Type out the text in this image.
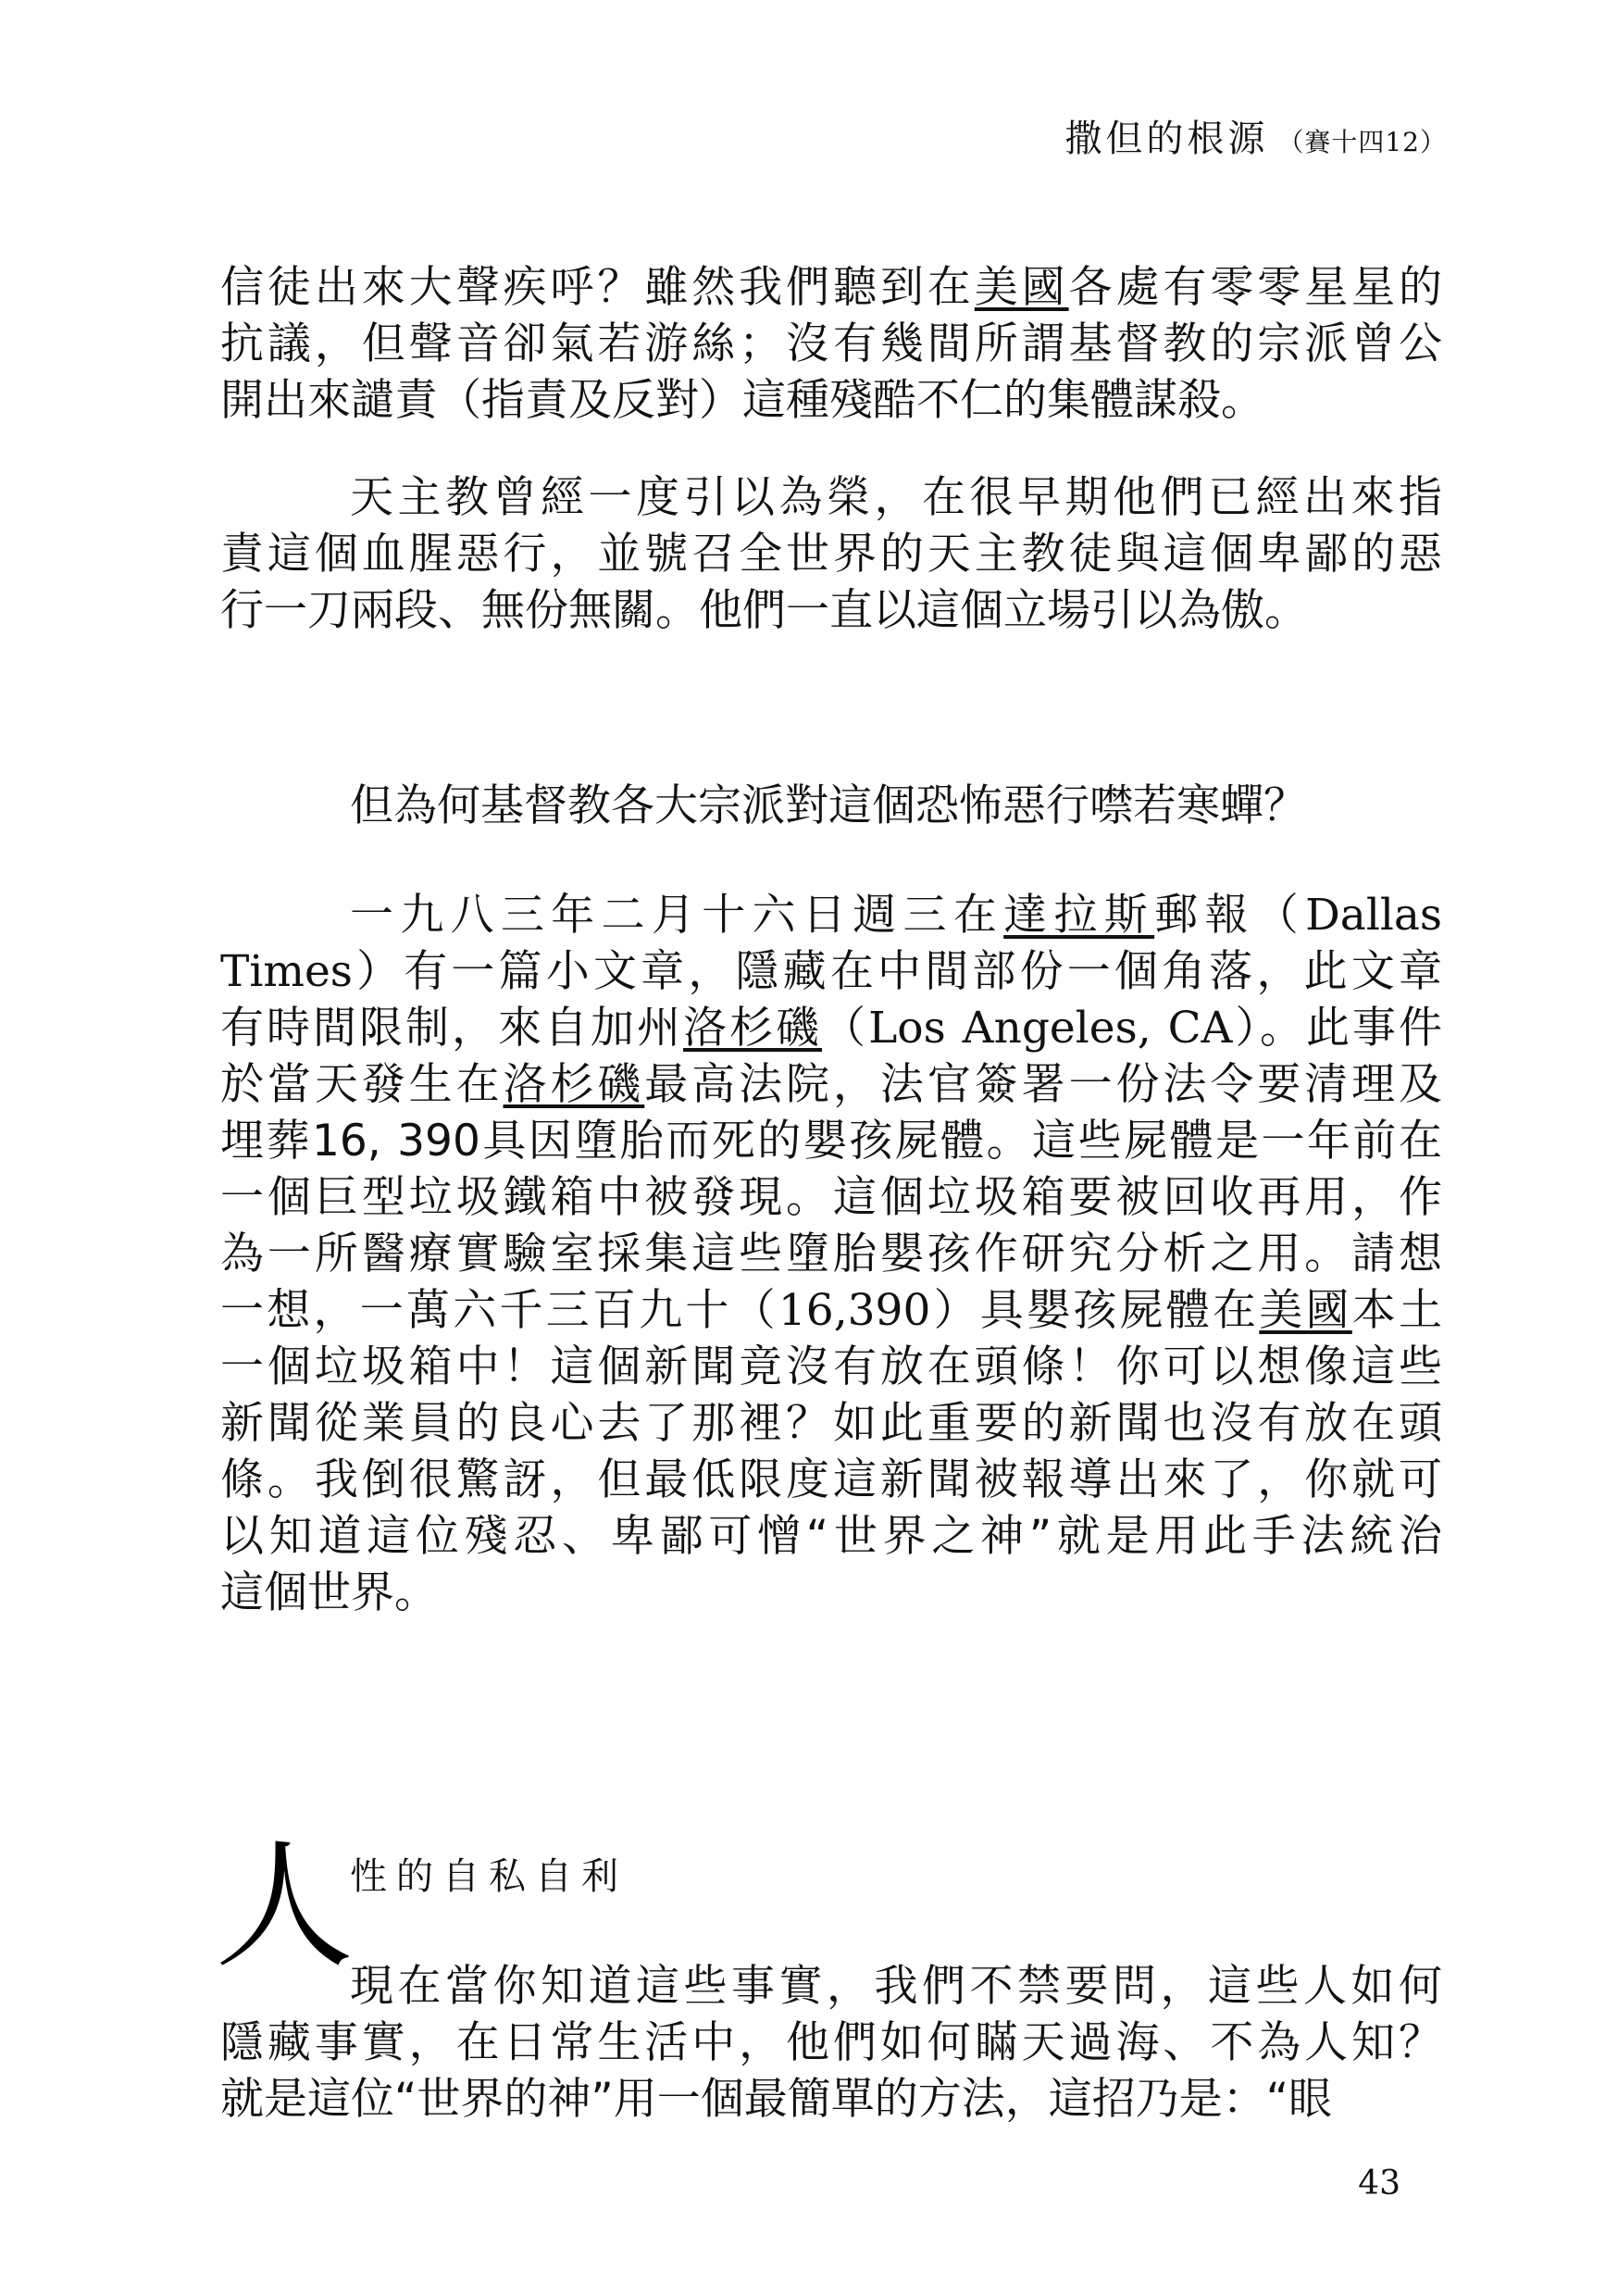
撒但的根源 （賽十四12）
信徒出來大聲疾呼？雖然我們聽到在美國各處有零零星星的
抗議，但聲音卻氣若游絲；沒有幾間所謂基督教的宗派曾公
開出來譴責（指責及反對）這種殘酷不仁的集體謀殺。
天主教曾經一度引以為榮，在很早期他們已經出來指
責這個血腥惡行，並號召全世界的天主教徒與這個卑鄙的惡
行一刀兩段、無份無關。他們一直以這個立場引以為傲。
但為何基督教各大宗派對這個恐怖惡行噤若寒蟬？
一九八三年二月十六日週三在達拉斯郵報（Dallas
Times）有一篇小文章，隱藏在中間部份一個角落，此文章
有時間限制，來自加州洛杉磯（Los Angeles, CA）。此事件
於當天發生在洛杉磯最高法院，法官簽署一份法令要清理及
埋葬16, 390具因墮胎而死的嬰孩屍體。這些屍體是一年前在
一個巨型垃圾鐵箱中被發現。這個垃圾箱要被回收再用，作
為一所醫療實驗室採集這些墮胎嬰孩作研究分析之用。請想
一想，一萬六千三百九十（16,390）具嬰孩屍體在美國本土
一個垃圾箱中！這個新聞竟沒有放在頭條！你可以想像這些
新聞從業員的良心去了那裡？如此重要的新聞也沒有放在頭
條。我倒很驚訝，但最低限度這新聞被報導出來了，你就可
以知道這位殘忍、卑鄙可憎“世界之神”就是用此手法統治
這個世界。
人
性的自私自利
現在當你知道這些事實，我們不禁要問，這些人如何
隱藏事實，在日常生活中，他們如何瞞天過海、不為人知？
就是這位“世界的神”用一個最簡單的方法，這招乃是：“眼
43
